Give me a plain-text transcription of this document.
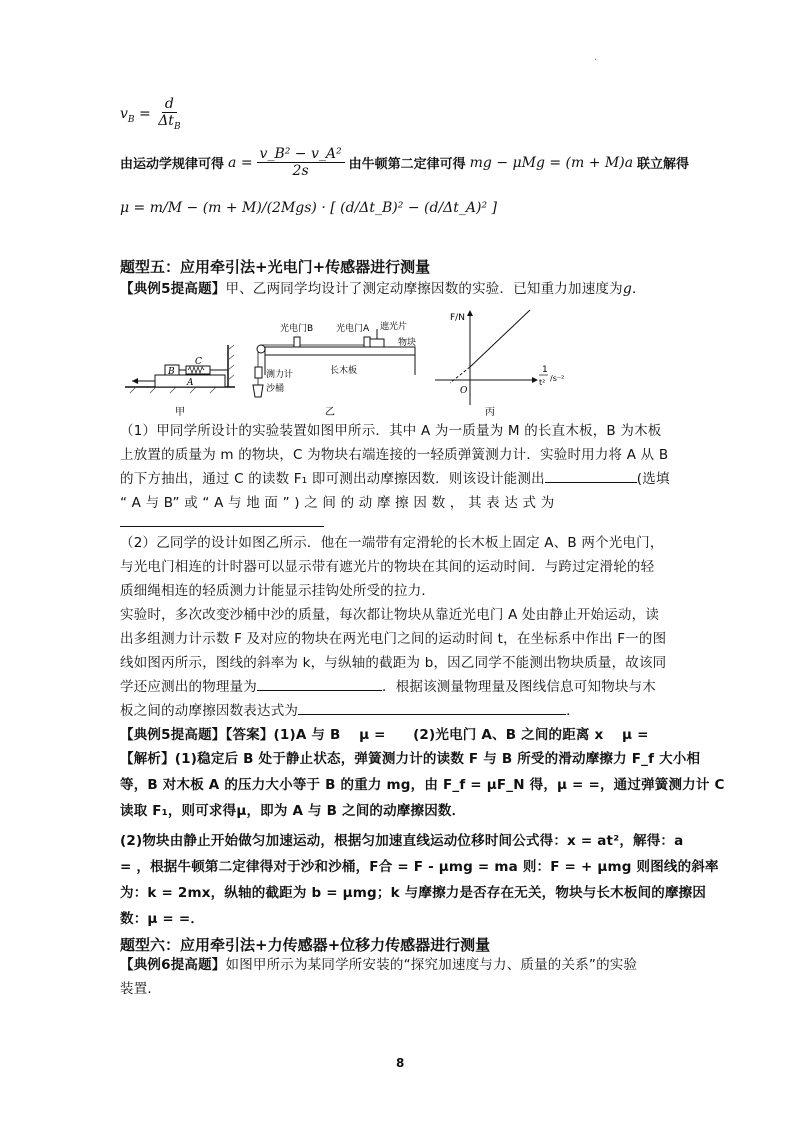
·
$v_B = \frac{d}{\Delta t_B}$
由运动学规律可得 $a = \frac{\text{v\_B² − v\_A²}}{2s}$ 由牛顿第二定律可得 mg − μMg = (m + M)a 联立解得
μ = m/M − (m + M)/(2Mgs) · [ (d/Δt_B)² − (d/Δt_A)² ]
题型五：应用牵引法+光电门+传感器进行测量
【典例5提高题】甲、乙两同学均设计了测定动摩擦因数的实验．已知重力加速度为g．
B
C
A
甲
光电门B	光电门A 遮光片
物块
长木板
测力计
沙桶
乙
F/N
1
t² /s⁻²
O
丙
（1）甲同学所设计的实验装置如图甲所示．其中 A 为一质量为 M 的长直木板，B 为木板
上放置的质量为 m 的物块，C 为物块右端连接的一轻质弹簧测力计．实验时用力将 A 从 B
的下方抽出，通过 C 的读数 F₁ 即可测出动摩擦因数．则该设计能测出	(选填
“ A 与 B” 或 “ A 与 地 面 ” ) 之 间 的 动 摩 擦 因 数 ， 其 表 达 式 为
（2）乙同学的设计如图乙所示．他在一端带有定滑轮的长木板上固定 A、B 两个光电门，
与光电门相连的计时器可以显示带有遮光片的物块在其间的运动时间．与跨过定滑轮的轻
质细绳相连的轻质测力计能显示挂钩处所受的拉力．
实验时，多次改变沙桶中沙的质量，每次都让物块从靠近光电门 A 处由静止开始运动，读
出多组测力计示数 F 及对应的物块在两光电门之间的运动时间 t，在坐标系中作出 F一的图
线如图丙所示，图线的斜率为 k，与纵轴的截距为 b，因乙同学不能测出物块质量，故该同
学还应测出的物理量为	．根据该测量物理量及图线信息可知物块与木
板之间的动摩擦因数表达式为	．
【典例5提高题】【答案】(1)A 与 B　 μ =　　(2)光电门 A、B 之间的距离 x　 μ =
【解析】(1)稳定后 B 处于静止状态，弹簧测力计的读数 F 与 B 所受的滑动摩擦力 F_f 大小相
等，B 对木板 A 的压力大小等于 B 的重力 mg，由 F_f = μF_N 得，μ = =，通过弹簧测力计 C
读取 F₁，则可求得μ，即为 A 与 B 之间的动摩擦因数．
(2)物块由静止开始做匀加速运动，根据匀加速直线运动位移时间公式得：x = at²，解得：a
= ，根据牛顿第二定律得对于沙和沙桶，F合 = F - μmg = ma 则：F = + μmg 则图线的斜率
为：k = 2mx，纵轴的截距为 b = μmg；k 与摩擦力是否存在无关，物块与长木板间的摩擦因
数：μ = =．
题型六：应用牵引法+力传感器+位移力传感器进行测量
【典例6提高题】如图甲所示为某同学所安装的“探究加速度与力、质量的关系”的实验
装置．
8
